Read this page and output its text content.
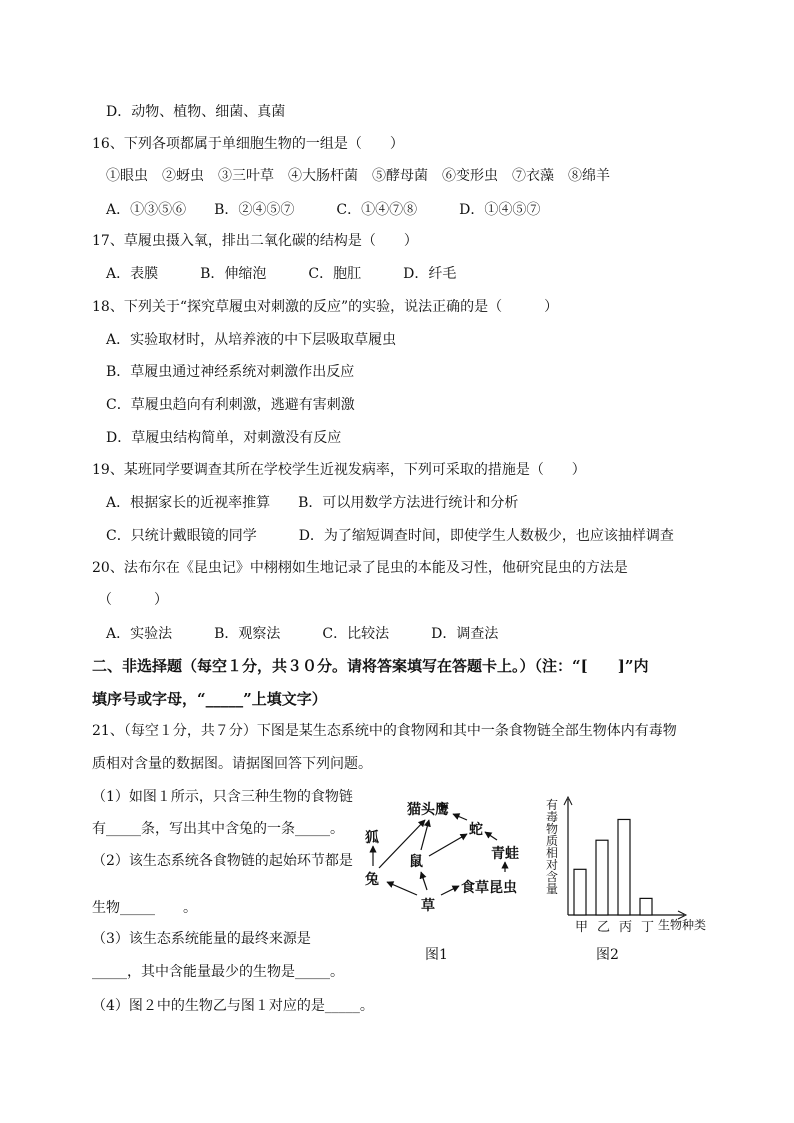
D．动物、植物、细菌、真菌
16、下列各项都属于单细胞生物的一组是（　　）
①眼虫　②蚜虫　③三叶草　④大肠杆菌　⑤酵母菌　⑥变形虫　⑦衣藻　⑧绵羊
A．①③⑤⑥　　B．②④⑤⑦　　　C．①④⑦⑧　　　D．①④⑤⑦
17、草履虫摄入氧，排出二氧化碳的结构是（　　）
A．表膜　　　B．伸缩泡　　　C．胞肛　　　D．纤毛
18、下列关于“探究草履虫对刺激的反应”的实验，说法正确的是（　　　）
A．实验取材时，从培养液的中下层吸取草履虫
B．草履虫通过神经系统对刺激作出反应
C．草履虫趋向有利刺激，逃避有害刺激
D．草履虫结构简单，对刺激没有反应
19、某班同学要调查其所在学校学生近视发病率，下列可采取的措施是（　　）
A．根据家长的近视率推算　　B．可以用数学方法进行统计和分析
C．只统计戴眼镜的同学　　　D．为了缩短调查时间，即使学生人数极少，也应该抽样调查
20、法布尔在《昆虫记》中栩栩如生地记录了昆虫的本能及习性，他研究昆虫的方法是
（　　　）
A．实验法　　　B．观察法　　　C．比较法　　　D．调查法
二、非选择题（每空１分，共３０分。请将答案填写在答题卡上。）（注：“[　　]”内
填序号或字母，“_____”上填文字）
21、（每空１分，共７分）下图是某生态系统中的食物网和其中一条食物链全部生物体内有毒物
质相对含量的数据图。请据图回答下列问题。
（1）如图１所示，只含三种生物的食物链
有_____条，写出其中含兔的一条_____。
（2）该生态系统各食物链的起始环节都是
生物_____　　。
（3）该生态系统能量的最终来源是
_____，其中含能量最少的生物是_____。
（4）图２中的生物乙与图１对应的是_____。
猫头鹰
狐	蛇
鼠	青蛙
兔
草
食草昆虫
图1
有毒物质相对含量
甲 乙 丙 丁 生物种类
图2
